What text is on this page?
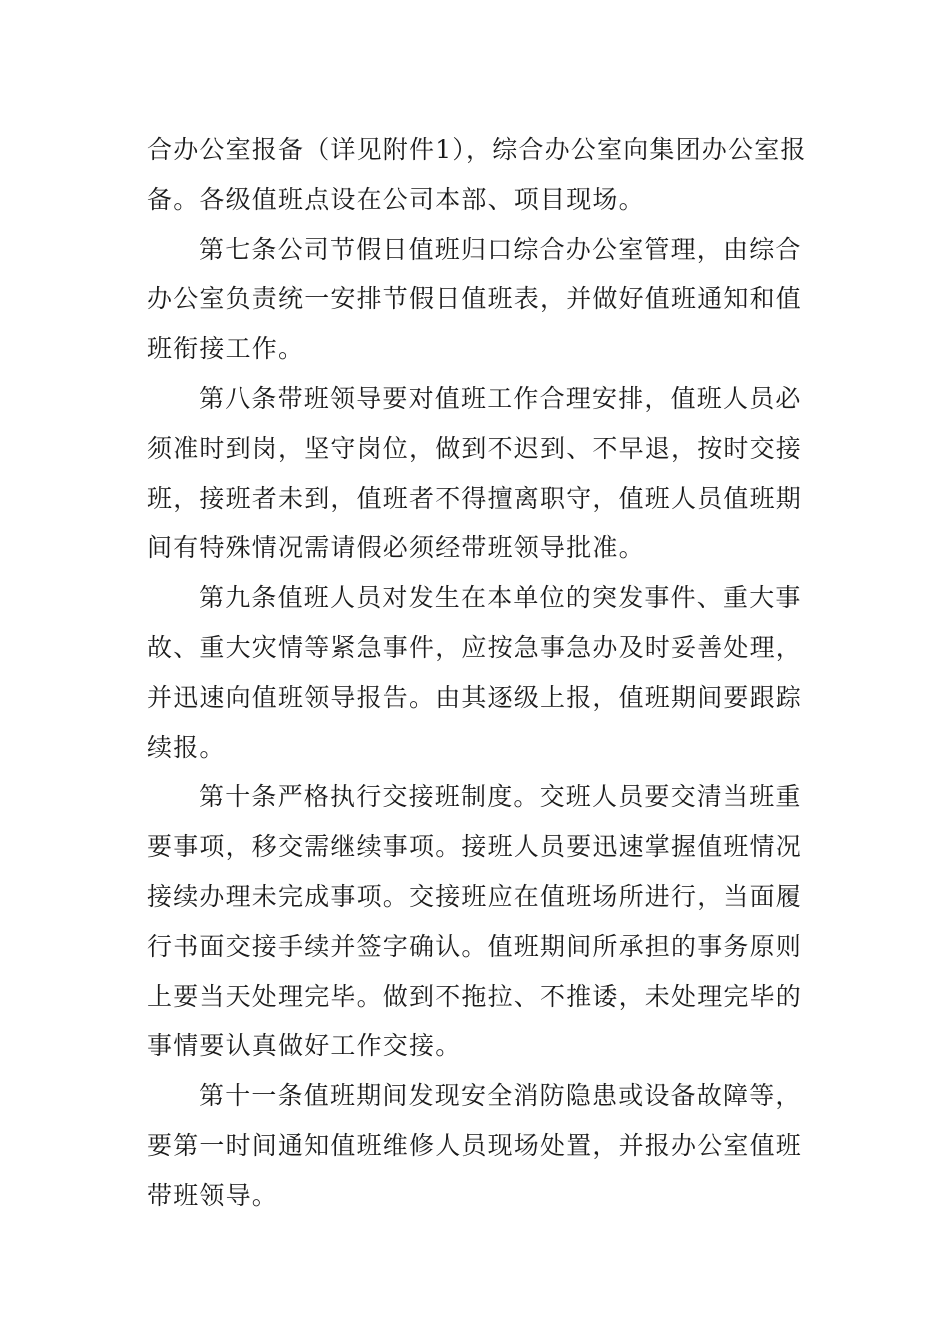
合办公室报备（详见附件1），综合办公室向集团办公室报
备。各级值班点设在公司本部、项目现场。
第七条公司节假日值班归口综合办公室管理，由综合
办公室负责统一安排节假日值班表，并做好值班通知和值
班衔接工作。
第八条带班领导要对值班工作合理安排，值班人员必
须准时到岗，坚守岗位，做到不迟到、不早退，按时交接
班，接班者未到，值班者不得擅离职守，值班人员值班期
间有特殊情况需请假必须经带班领导批准。
第九条值班人员对发生在本单位的突发事件、重大事
故、重大灾情等紧急事件，应按急事急办及时妥善处理，
并迅速向值班领导报告。由其逐级上报，值班期间要跟踪
续报。
第十条严格执行交接班制度。交班人员要交清当班重
要事项，移交需继续事项。接班人员要迅速掌握值班情况
接续办理未完成事项。交接班应在值班场所进行，当面履
行书面交接手续并签字确认。值班期间所承担的事务原则
上要当天处理完毕。做到不拖拉、不推诿，未处理完毕的
事情要认真做好工作交接。
第十一条值班期间发现安全消防隐患或设备故障等，
要第一时间通知值班维修人员现场处置，并报办公室值班
带班领导。
